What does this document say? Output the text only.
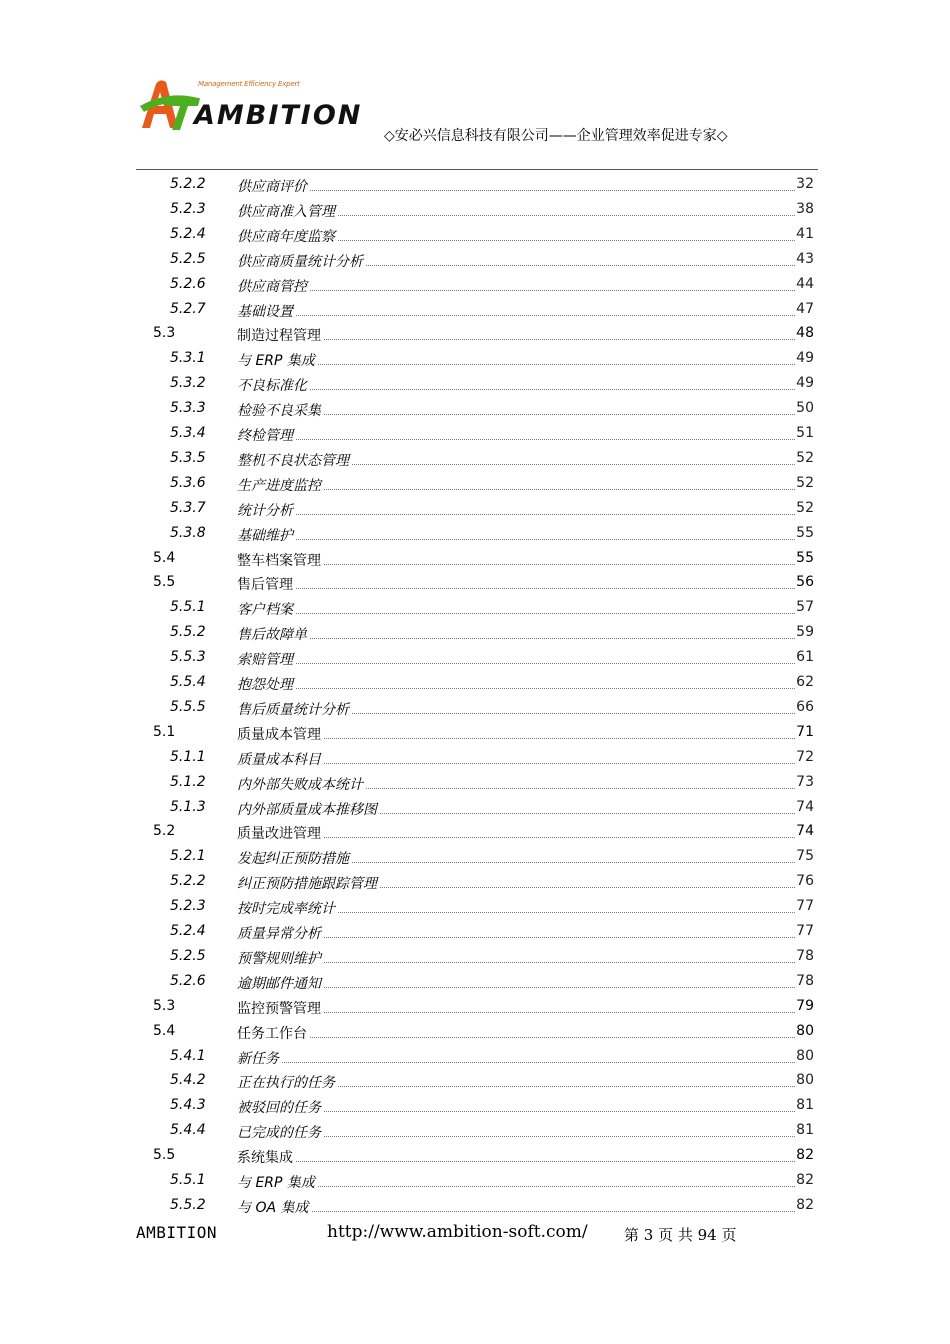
Management Efficiency Expert
AMBITION
◇安必兴信息科技有限公司——企业管理效率促进专家◇
5.2.2 供应商评价	32
5.2.3 供应商准入管理	38
5.2.4 供应商年度监察	41
5.2.5 供应商质量统计分析	43
5.2.6 供应商管控	44
5.2.7 基础设置	47
5.3	制造过程管理	48
5.3.1 与 ERP 集成	49
5.3.2 不良标准化	49
5.3.3 检验不良采集	50
5.3.4 终检管理	51
5.3.5 整机不良状态管理	52
5.3.6 生产进度监控	52
5.3.7 统计分析	52
5.3.8 基础维护	55
5.4	整车档案管理	55
5.5	售后管理	56
5.5.1 客户档案	57
5.5.2 售后故障单	59
5.5.3 索赔管理	61
5.5.4 抱怨处理	62
5.5.5 售后质量统计分析	66
5.1	质量成本管理	71
5.1.1 质量成本科目	72
5.1.2 内外部失败成本统计	73
5.1.3 内外部质量成本推移图	74
5.2	质量改进管理	74
5.2.1 发起纠正预防措施	75
5.2.2 纠正预防措施跟踪管理	76
5.2.3 按时完成率统计	77
5.2.4 质量异常分析	77
5.2.5 预警规则维护	78
5.2.6 逾期邮件通知	78
5.3	监控预警管理	79
5.4	任务工作台	80
5.4.1 新任务	80
5.4.2 正在执行的任务	80
5.4.3 被驳回的任务	81
5.4.4 已完成的任务	81
5.5	系统集成	82
5.5.1 与 ERP 集成	82
5.5.2 与 OA 集成	82
AMBITION	http://www.ambition-soft.com/ 第 3 页 共 94 页
